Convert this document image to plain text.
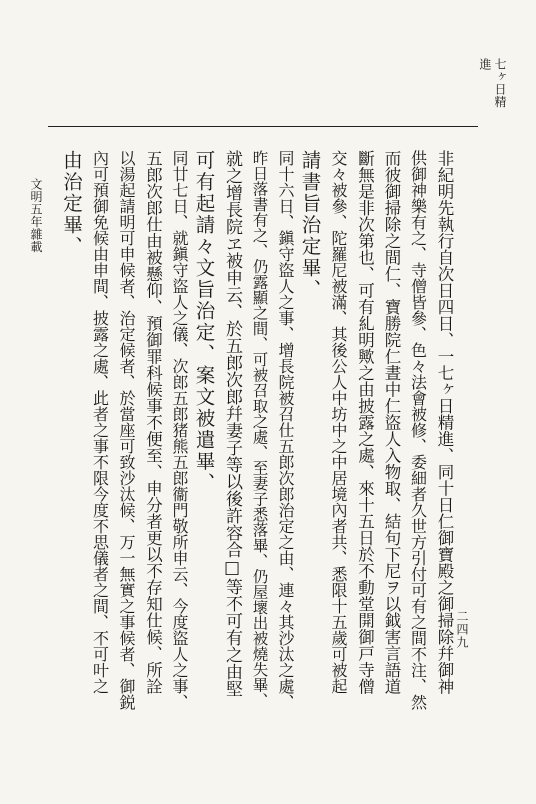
七ヶ日精
進
非紀明先執行自次日四日、一七ヶ日精進、同十日仁御寶殿之御掃除幷御神
供御神樂有之、寺僧皆參、色々法會被修、委細者久世方引付可有之間不注、然
而彼御掃除之間仁、寶勝院仁晝中仁盜人入物取、結句下尼ヲ以鉞害言語道
斷無是非次第也、可有糺明歟之由披露之處、來十五日於不動堂開御戸寺僧
交々被參、陀羅尼被滿、其後公人中坊中之中居境內者共、悉限十五歲可被起
請書旨治定畢、
同十六日、鎭守盜人之事、增長院被召仕五郎次郎治定之由、連々其沙汰之處、
昨日落書有之、仍露顯之間、可被召取之處、至妻子悉落畢、仍屋壞出被燒失畢、
就之增長院ヱ被申云、於五郎次郎幷妻子等以後許容合□等不可有之由堅
可有起請々文旨治定、案文被遣畢、
同廿七日、就鎭守盜人之儀、次郎五郎猪熊五郎衞門敬所申云、今度盜人之事、
五郎次郎仕由被懸仰、預御罪科候事不便至、申分者更以不存知仕候、所詮
以湯起請明可申候者、治定候者、於當座可致沙汰候、万一無實之事候者、御鋭
內可預御免候由申間、披露之處、此者之事不限今度不思儀者之間、不可叶之
由治定畢、
文明五年雜載
二四九
